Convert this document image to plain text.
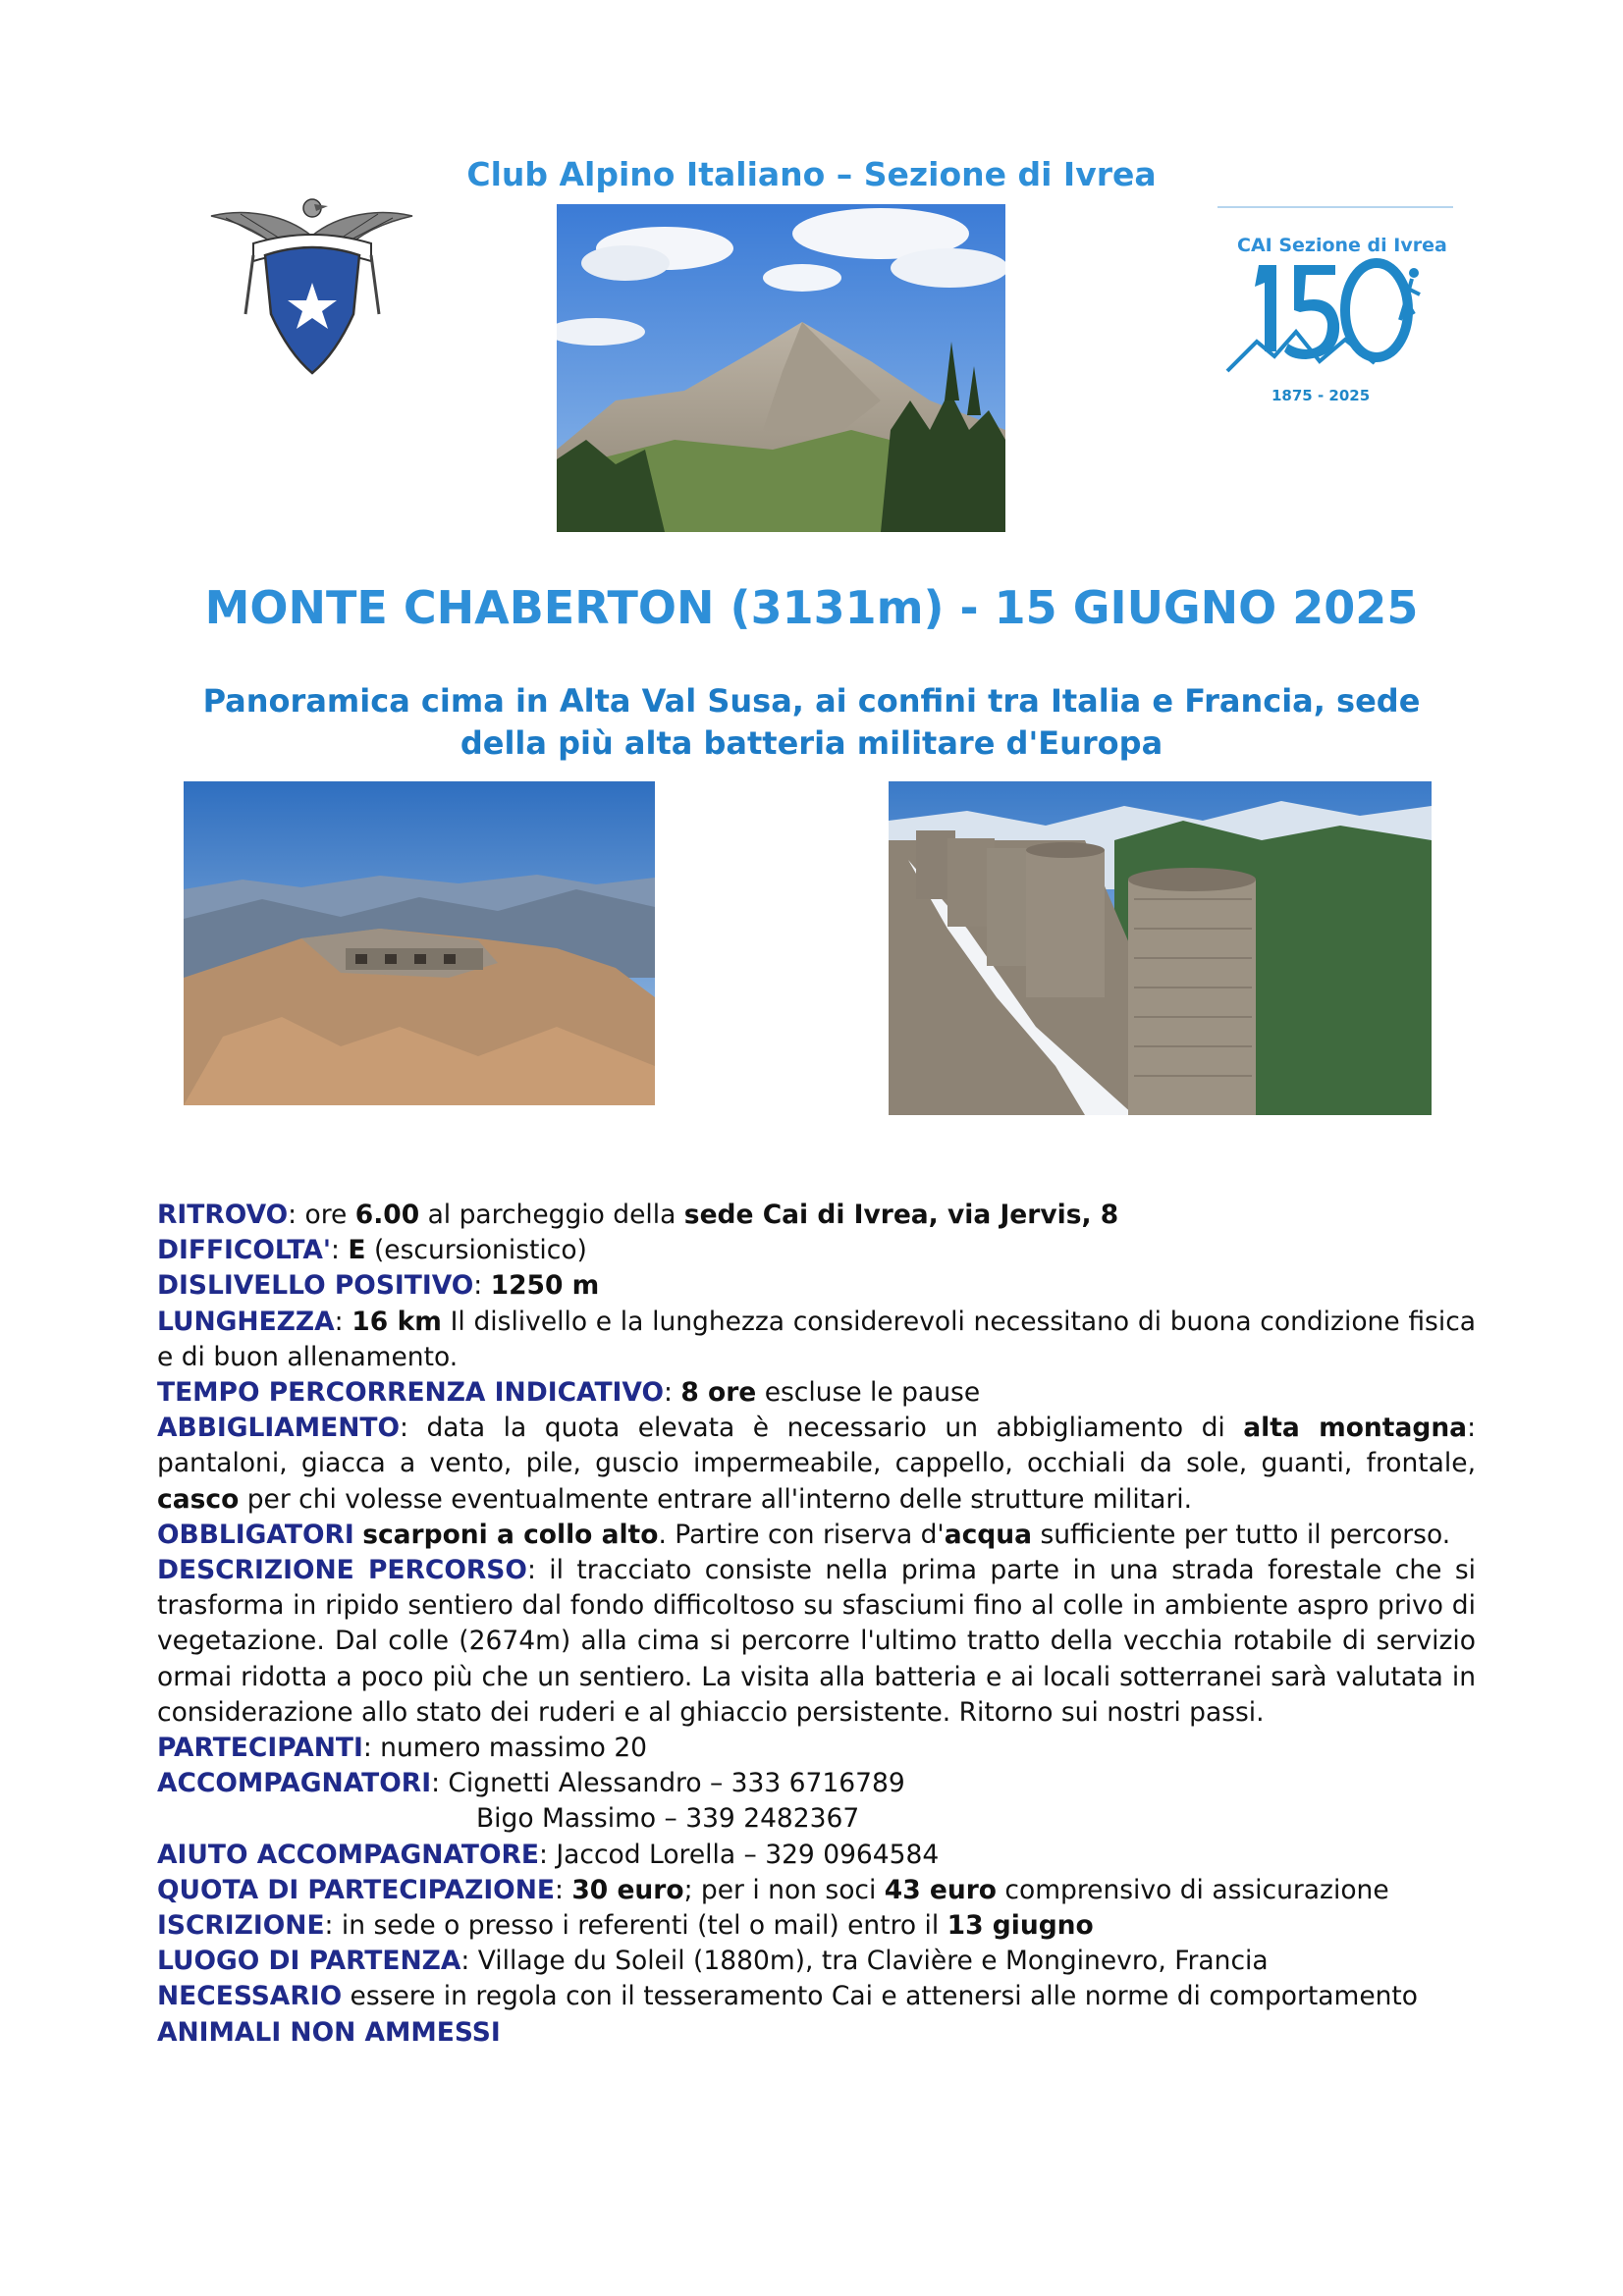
Club Alpino Italiano – Sezione di Ivrea
CAI Sezione di Ivrea
1875 - 2025
MONTE CHABERTON (3131m) - 15 GIUGNO 2025
Panoramica cima in Alta Val Susa, ai confini tra Italia e Francia, sede della più alta batteria militare d'Europa

RITROVO: ore 6.00 al parcheggio della sede Cai di Ivrea, via Jervis, 8

DIFFICOLTA': E (escursionistico)

DISLIVELLO POSITIVO: 1250 m

LUNGHEZZA: 16 km Il dislivello e la lunghezza considerevoli necessitano di buona condizione fisica e di buon allenamento.

TEMPO PERCORRENZA INDICATIVO: 8 ore escluse le pause

ABBIGLIAMENTO: data la quota elevata è necessario un abbigliamento di alta montagna: pantaloni, giacca a vento, pile, guscio impermeabile, cappello, occhiali da sole, guanti, frontale, casco per chi volesse eventualmente entrare all'interno delle strutture militari.

OBBLIGATORI scarponi a collo alto. Partire con riserva d'acqua sufficiente per tutto il percorso.

DESCRIZIONE PERCORSO: il tracciato consiste nella prima parte in una strada forestale che si trasforma in ripido sentiero dal fondo difficoltoso su sfasciumi fino al colle in ambiente aspro privo di vegetazione. Dal colle (2674m) alla cima si percorre l'ultimo tratto della vecchia rotabile di servizio ormai ridotta a poco più che un sentiero. La visita alla batteria e ai locali sotterranei sarà valutata in considerazione allo stato dei ruderi e al ghiaccio persistente. Ritorno sui nostri passi.

PARTECIPANTI: numero massimo 20

ACCOMPAGNATORI: Cignetti Alessandro – 333 6716789

Bigo Massimo – 339 2482367

AIUTO ACCOMPAGNATORE: Jaccod Lorella – 329 0964584

QUOTA DI PARTECIPAZIONE: 30 euro; per i non soci 43 euro comprensivo di assicurazione

ISCRIZIONE: in sede o presso i referenti (tel o mail) entro il 13 giugno

LUOGO DI PARTENZA: Village du Soleil (1880m), tra Clavière e Monginevro, Francia

NECESSARIO essere in regola con il tesseramento Cai e attenersi alle norme di comportamento

ANIMALI NON AMMESSI
